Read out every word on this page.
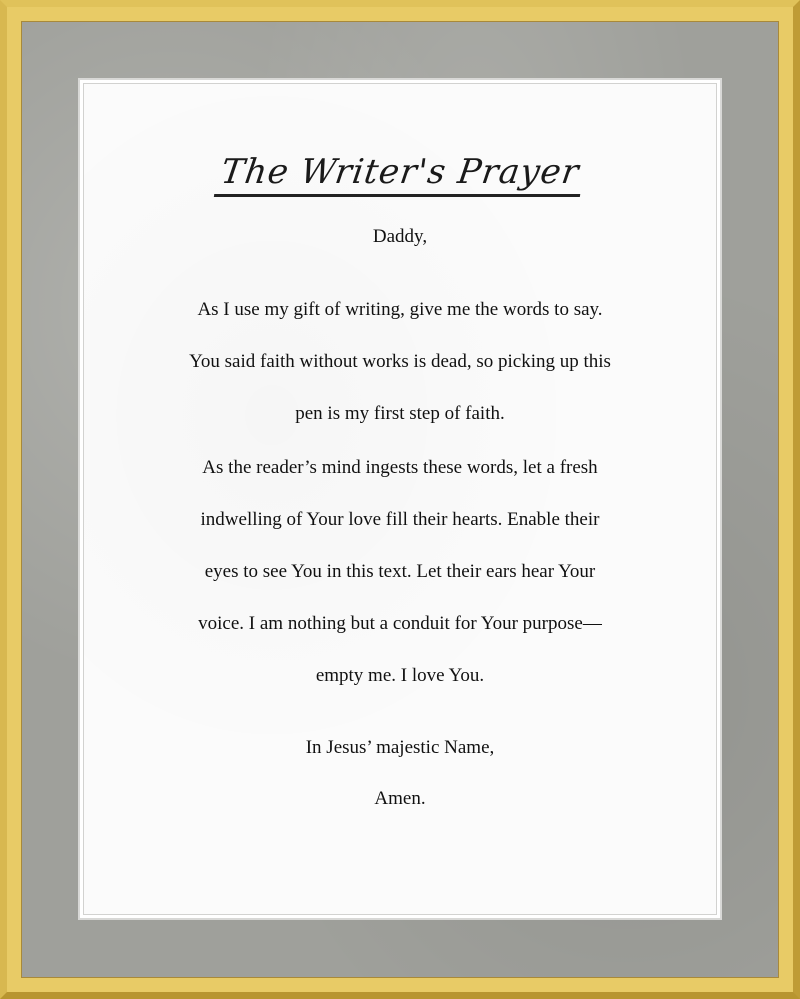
The Writer's Prayer
Daddy,
As I use my gift of writing, give me the words to say.
You said faith without works is dead, so picking up this
pen is my first step of faith.
As the reader’s mind ingests these words, let a fresh
indwelling of Your love fill their hearts. Enable their
eyes to see You in this text. Let their ears hear Your
voice. I am nothing but a conduit for Your purpose—
empty me. I love You.
In Jesus’ majestic Name,
Amen.
